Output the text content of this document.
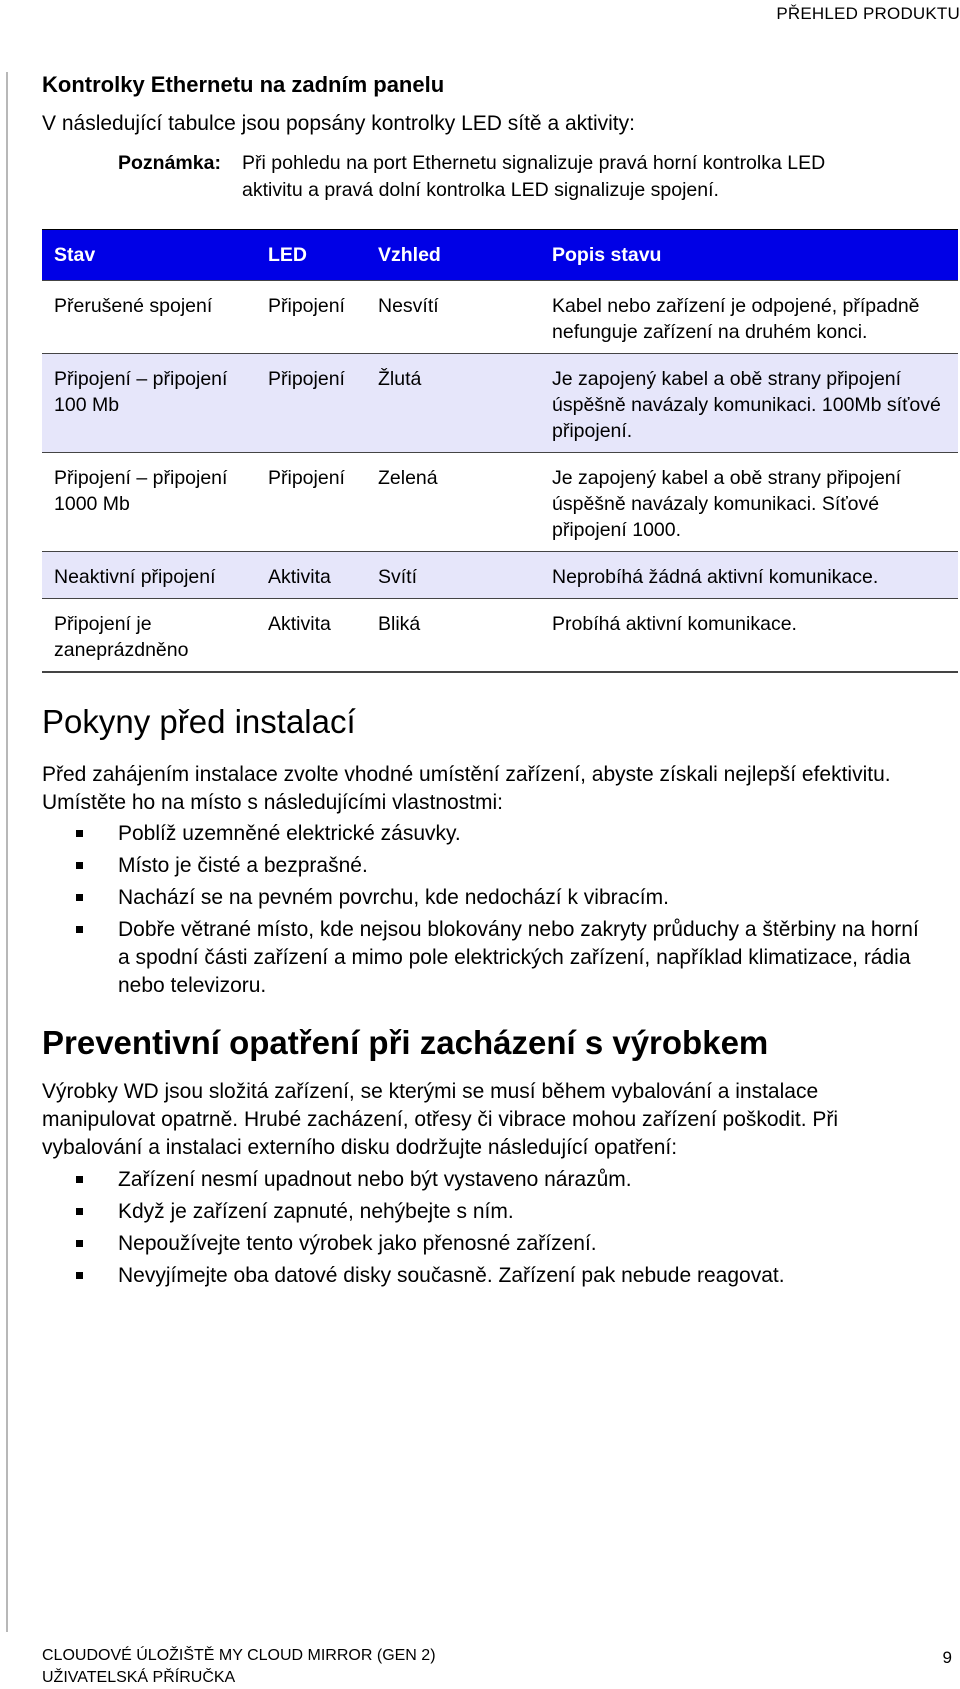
PŘEHLED PRODUKTU
Kontrolky Ethernetu na zadním panelu
V následující tabulce jsou popsány kontrolky LED sítě a aktivity:
Poznámka:	Při pohledu na port Ethernetu signalizuje pravá horní kontrolka LED aktivitu a pravá dolní kontrolka LED signalizuje spojení.
Stav	LED	Vzhled	Popis stavu
Přerušené spojení	Připojení	Nesvítí	Kabel nebo zařízení je odpojené, případně nefunguje zařízení na druhém konci.
Připojení – připojení 100 Mb	Připojení	Žlutá	Je zapojený kabel a obě strany připojení úspěšně navázaly komunikaci. 100Mb síťové připojení.
Připojení – připojení 1000 Mb	Připojení	Zelená	Je zapojený kabel a obě strany připojení úspěšně navázaly komunikaci. Síťové připojení 1000.
Neaktivní připojení	Aktivita	Svítí	Neprobíhá žádná aktivní komunikace.
Připojení je zaneprázdněno	Aktivita	Bliká	Probíhá aktivní komunikace.
Pokyny před instalací
Před zahájením instalace zvolte vhodné umístění zařízení, abyste získali nejlepší efektivitu. Umístěte ho na místo s následujícími vlastnostmi:
Poblíž uzemněné elektrické zásuvky.
Místo je čisté a bezprašné.
Nachází se na pevném povrchu, kde nedochází k vibracím.
Dobře větrané místo, kde nejsou blokovány nebo zakryty průduchy a štěrbiny na horní a spodní části zařízení a mimo pole elektrických zařízení, například klimatizace, rádia nebo televizoru.
Preventivní opatření při zacházení s výrobkem
Výrobky WD jsou složitá zařízení, se kterými se musí během vybalování a instalace manipulovat opatrně. Hrubé zacházení, otřesy či vibrace mohou zařízení poškodit. Při vybalování a instalaci externího disku dodržujte následující opatření:
Zařízení nesmí upadnout nebo být vystaveno nárazům.
Když je zařízení zapnuté, nehýbejte s ním.
Nepoužívejte tento výrobek jako přenosné zařízení.
Nevyjímejte oba datové disky současně. Zařízení pak nebude reagovat.
CLOUDOVÉ ÚLOŽIŠTĚ MY CLOUD MIRROR (GEN 2)
UŽIVATELSKÁ PŘÍRUČKA
9
